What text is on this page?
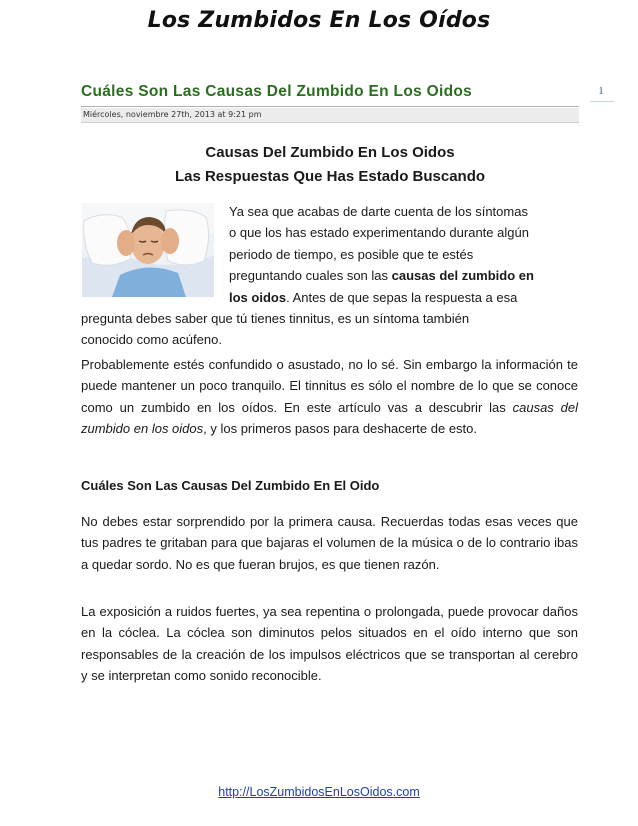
Los Zumbidos En Los Oídos
Cuáles Son Las Causas Del Zumbido En Los Oidos	1
Miércoles, noviembre 27th, 2013 at 9:21 pm
Causas Del Zumbido En Los Oidos
Las Respuestas Que Has Estado Buscando
Ya sea que acabas de darte cuenta de los síntomas
o que los has estado experimentando durante algún
periodo de tiempo, es posible que te estés
preguntando cuales son las causas del zumbido en
los oidos. Antes de que sepas la respuesta a esa
pregunta debes saber que tú tienes tinnitus, es un síntoma también
conocido como acúfeno.
Probablemente estés confundido o asustado, no lo sé. Sin embargo la información te puede mantener un poco tranquilo. El tinnitus es sólo el nombre de lo que se conoce como un zumbido en los oídos. En este artículo vas a descubrir las causas del zumbido en los oidos, y los primeros pasos para deshacerte de esto.
Cuáles Son Las Causas Del Zumbido En El Oido
No debes estar sorprendido por la primera causa. Recuerdas todas esas veces que tus padres te gritaban para que bajaras el volumen de la música o de lo contrario ibas a quedar sordo. No es que fueran brujos, es que tienen razón.
La exposición a ruidos fuertes, ya sea repentina o prolongada, puede provocar daños en la cóclea. La cóclea son diminutos pelos situados en el oído interno que son responsables de la creación de los impulsos eléctricos que se transportan al cerebro y se interpretan como sonido reconocible.
http://LosZumbidosEnLosOidos.com
